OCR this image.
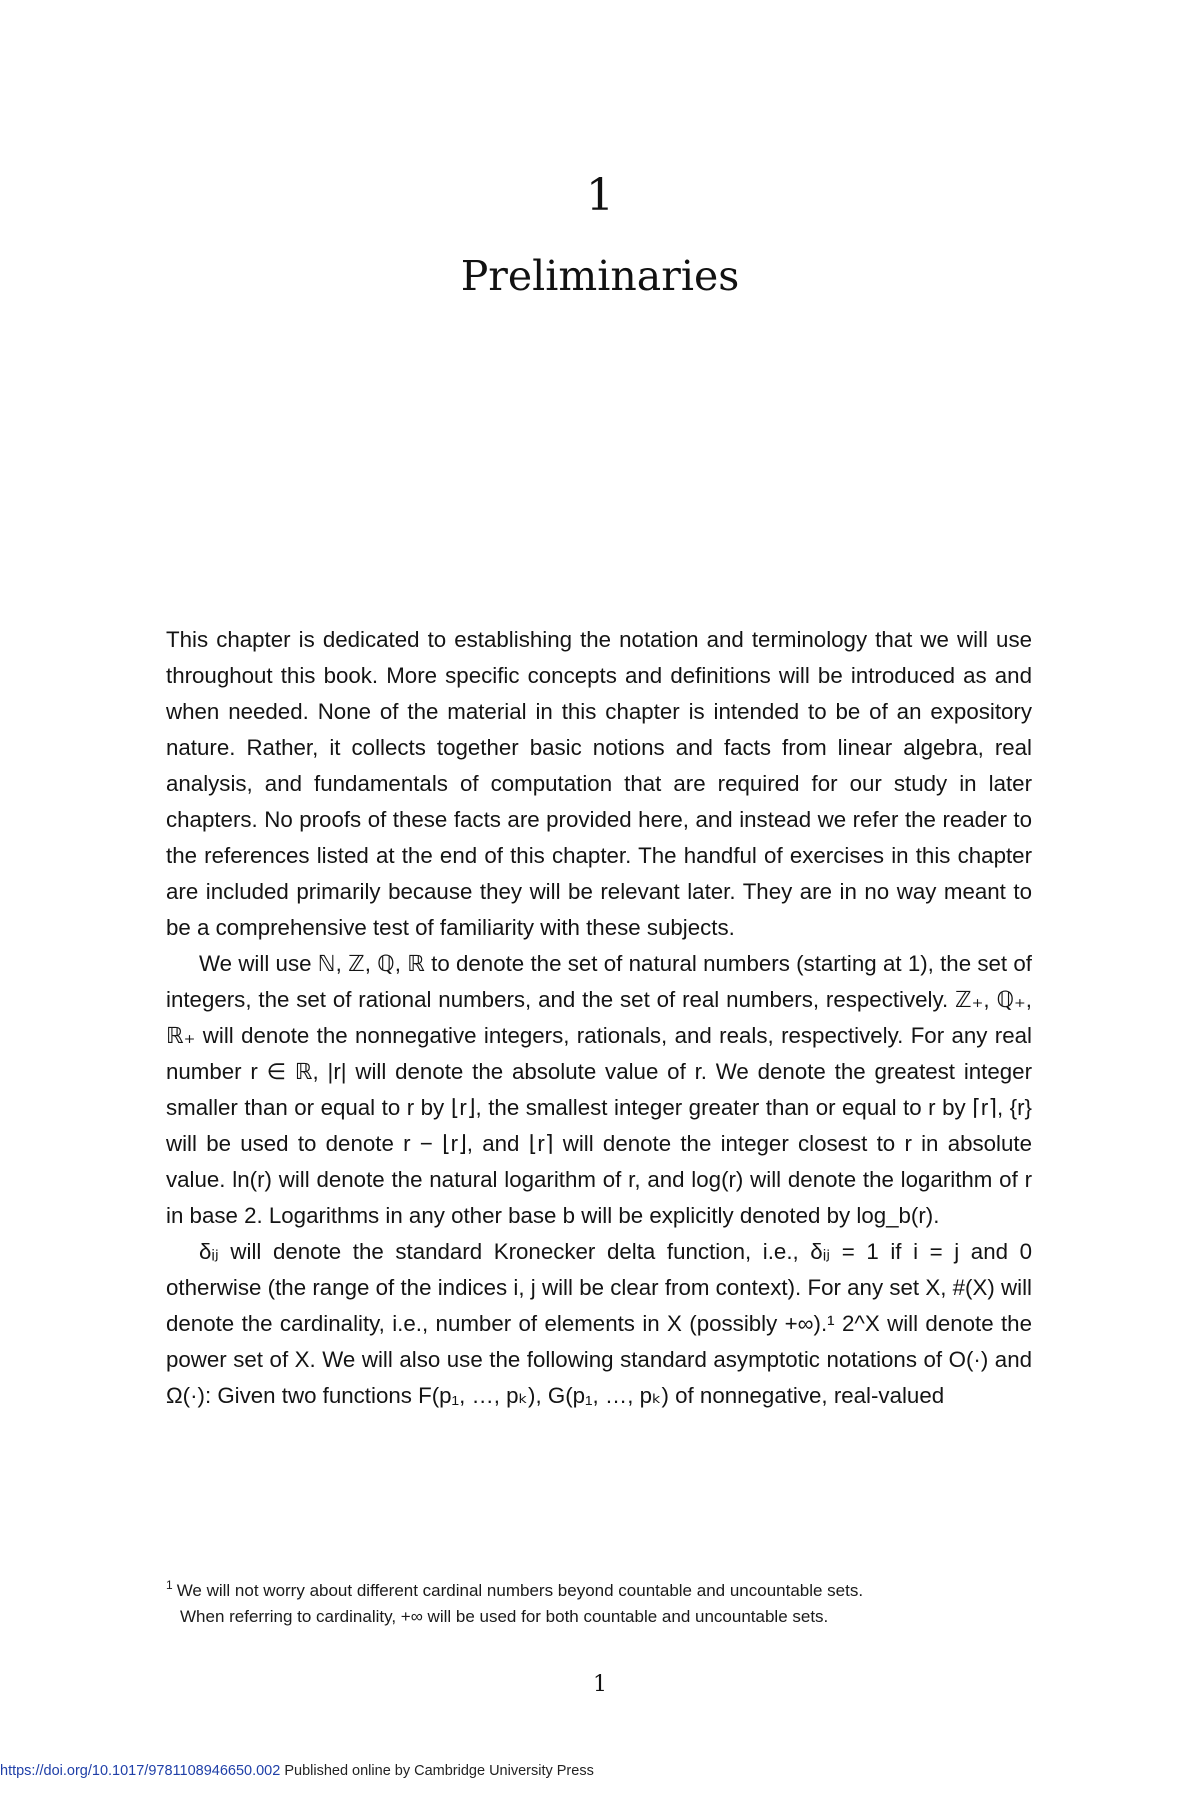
1
Preliminaries

This chapter is dedicated to establishing the notation and terminology that we will use throughout this book. More specific concepts and definitions will be introduced as and when needed. None of the material in this chapter is intended to be of an expository nature. Rather, it collects together basic notions and facts from linear algebra, real analysis, and fundamentals of computation that are required for our study in later chapters. No proofs of these facts are provided here, and instead we refer the reader to the references listed at the end of this chapter. The handful of exercises in this chapter are included primarily because they will be relevant later. They are in no way meant to be a comprehensive test of familiarity with these subjects.

We will use ℕ, ℤ, ℚ, ℝ to denote the set of natural numbers (starting at 1), the set of integers, the set of rational numbers, and the set of real numbers, respectively. ℤ₊, ℚ₊, ℝ₊ will denote the nonnegative integers, rationals, and reals, respectively. For any real number r ∈ ℝ, |r| will denote the absolute value of r. We denote the greatest integer smaller than or equal to r by ⌊r⌋, the smallest integer greater than or equal to r by ⌈r⌉, {r} will be used to denote r − ⌊r⌋, and ⌊r⌉ will denote the integer closest to r in absolute value. ln(r) will denote the natural logarithm of r, and log(r) will denote the logarithm of r in base 2. Logarithms in any other base b will be explicitly denoted by log_b(r).

δᵢⱼ will denote the standard Kronecker delta function, i.e., δᵢⱼ = 1 if i = j and 0 otherwise (the range of the indices i, j will be clear from context). For any set X, #(X) will denote the cardinality, i.e., number of elements in X (possibly +∞).¹ 2^X will denote the power set of X. We will also use the following standard asymptotic notations of O(·) and Ω(·): Given two functions F(p₁, …, pₖ), G(p₁, …, pₖ) of nonnegative, real-valued

$^1$ We will not worry about different cardinal numbers beyond countable and uncountable sets.
When referring to cardinality, +∞ will be used for both countable and uncountable sets.
1
https://doi.org/10.1017/9781108946650.002 Published online by Cambridge University Press
